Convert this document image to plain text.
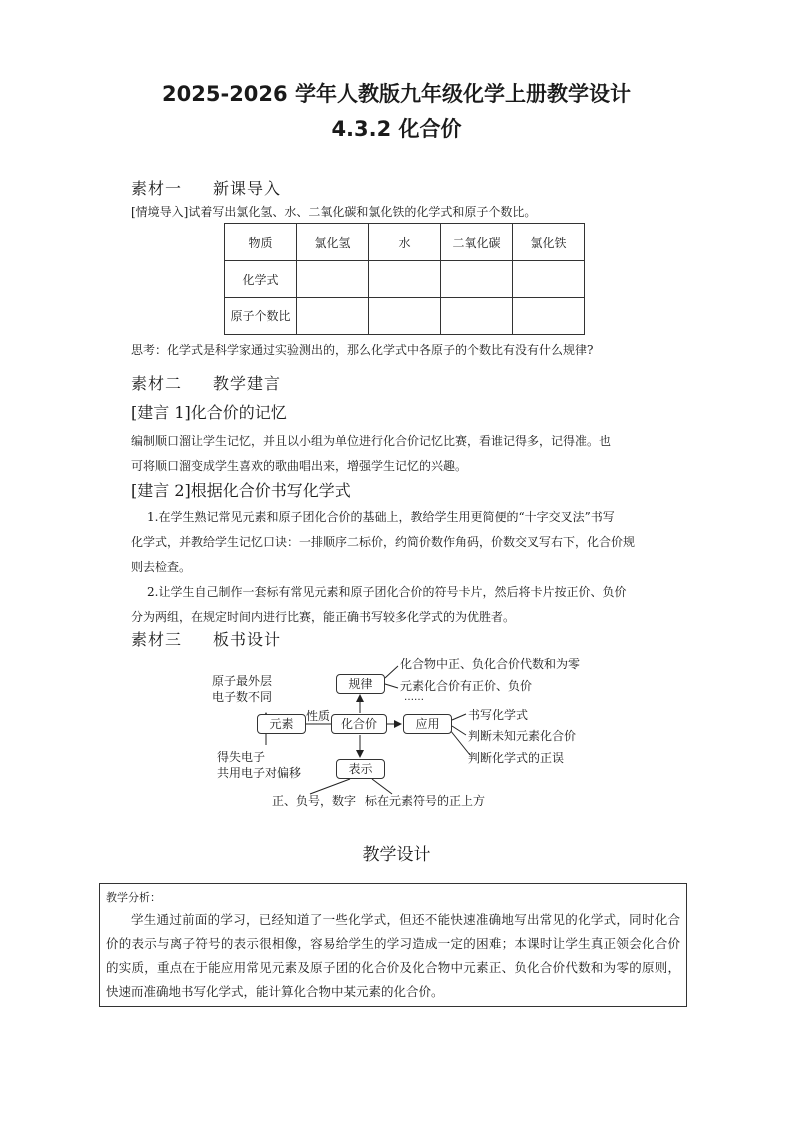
2025-2026 学年人教版九年级化学上册教学设计
4.3.2 化合价
素材一 新课导入
[情境导入]试着写出氯化氢、水、二氧化碳和氯化铁的化学式和原子个数比。
物质	氯化氢	水	二氧化碳	氯化铁
化学式				
原子个数比				
思考：化学式是科学家通过实验测出的，那么化学式中各原子的个数比有没有什么规律?
素材二 教学建言
[建言 1]化合价的记忆
编制顺口溜让学生记忆，并且以小组为单位进行化合价记忆比赛，看谁记得多，记得准。也
可将顺口溜变成学生喜欢的歌曲唱出来，增强学生记忆的兴趣。
[建言 2]根据化合价书写化学式
1.在学生熟记常见元素和原子团化合价的基础上，教给学生用更简便的“十字交叉法”书写
化学式，并教给学生记忆口诀：一排顺序二标价，约简价数作角码，价数交叉写右下，化合价规
则去检查。
2.让学生自己制作一套标有常见元素和原子团化合价的符号卡片，然后将卡片按正价、负价
分为两组，在规定时间内进行比赛，能正确书写较多化学式的为优胜者。
素材三 板书设计
原子最外层
电子数不同
元素
性质
化合价
规律
化合物中正、负化合价代数和为零
元素化合价有正价、负价
……
应用
书写化学式
判断未知元素化合价
判断化学式的正误
得失电子
共用电子对偏移	表示
正、负号，数字 标在元素符号的正上方
教学设计
教学分析：
学生通过前面的学习，已经知道了一些化学式，但还不能快速准确地写出常见的化学式，同时化合价的表示与离子符号的表示很相像，容易给学生的学习造成一定的困难；本课时让学生真正领会化合价的实质，重点在于能应用常见元素及原子团的化合价及化合物中元素正、负化合价代数和为零的原则，快速而准确地书写化学式，能计算化合物中某元素的化合价。
